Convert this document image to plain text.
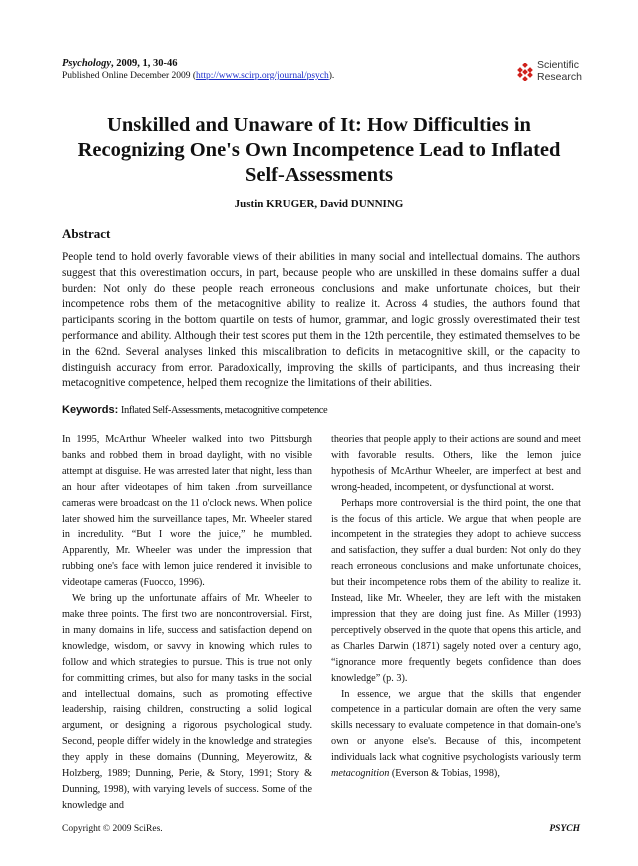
Psychology, 2009, 1, 30-46
Published Online December 2009 (http://www.scirp.org/journal/psych).
Scientific
Research
Unskilled and Unaware of It: How Difficulties in Recognizing One's Own Incompetence Lead to Inflated Self-Assessments
Justin KRUGER, David DUNNING
Abstract
People tend to hold overly favorable views of their abilities in many social and intellectual domains. The authors suggest that this overestimation occurs, in part, because people who are unskilled in these domains suffer a dual burden: Not only do these people reach erroneous conclusions and make unfortunate choices, but their incompetence robs them of the metacognitive ability to realize it. Across 4 studies, the authors found that participants scoring in the bottom quartile on tests of humor, grammar, and logic grossly overestimated their test performance and ability. Although their test scores put them in the 12th percentile, they estimated themselves to be in the 62nd. Several analyses linked this miscalibration to deficits in metacognitive skill, or the capacity to distinguish accuracy from error. Paradoxically, improving the skills of participants, and thus increasing their metacognitive competence, helped them recognize the limitations of their abilities.
Keywords: Inflated Self-Assessments, metacognitive competence

In 1995, McArthur Wheeler walked into two Pittsburgh banks and robbed them in broad daylight, with no visible attempt at disguise. He was arrested later that night, less than an hour after videotapes of him taken .from surveillance cameras were broadcast on the 11 o'clock news. When police later showed him the surveillance tapes, Mr. Wheeler stared in incredulity. “But I wore the juice,” he mumbled. Apparently, Mr. Wheeler was under the impression that rubbing one's face with lemon juice rendered it invisible to videotape cameras (Fuocco, 1996).

We bring up the unfortunate affairs of Mr. Wheeler to make three points. The first two are noncontroversial. First, in many domains in life, success and satisfaction depend on knowledge, wisdom, or savvy in knowing which rules to follow and which strategies to pursue. This is true not only for committing crimes, but also for many tasks in the social and intellectual domains, such as promoting effective leadership, raising children, constructing a solid logical argument, or designing a rigorous psychological study. Second, people differ widely in the knowledge and strategies they apply in these domains (Dunning, Meyerowitz, & Holzberg, 1989; Dunning, Perie, & Story, 1991; Story & Dunning, 1998), with varying levels of success. Some of the knowledge and

theories that people apply to their actions are sound and meet with favorable results. Others, like the lemon juice hypothesis of McArthur Wheeler, are imperfect at best and wrong-headed, incompetent, or dysfunctional at worst.

Perhaps more controversial is the third point, the one that is the focus of this article. We argue that when people are incompetent in the strategies they adopt to achieve success and satisfaction, they suffer a dual burden: Not only do they reach erroneous conclusions and make unfortunate choices, but their incompetence robs them of the ability to realize it. Instead, like Mr. Wheeler, they are left with the mistaken impression that they are doing just fine. As Miller (1993) perceptively observed in the quote that opens this article, and as Charles Darwin (1871) sagely noted over a century ago, “ignorance more frequently begets confidence than does knowledge” (p. 3).

In essence, we argue that the skills that engender competence in a particular domain are often the very same skills necessary to evaluate competence in that domain-one's own or anyone else's. Because of this, incompetent individuals lack what cognitive psychologists variously term metacognition (Everson & Tobias, 1998),

Copyright © 2009 SciRes.	PSYCH
